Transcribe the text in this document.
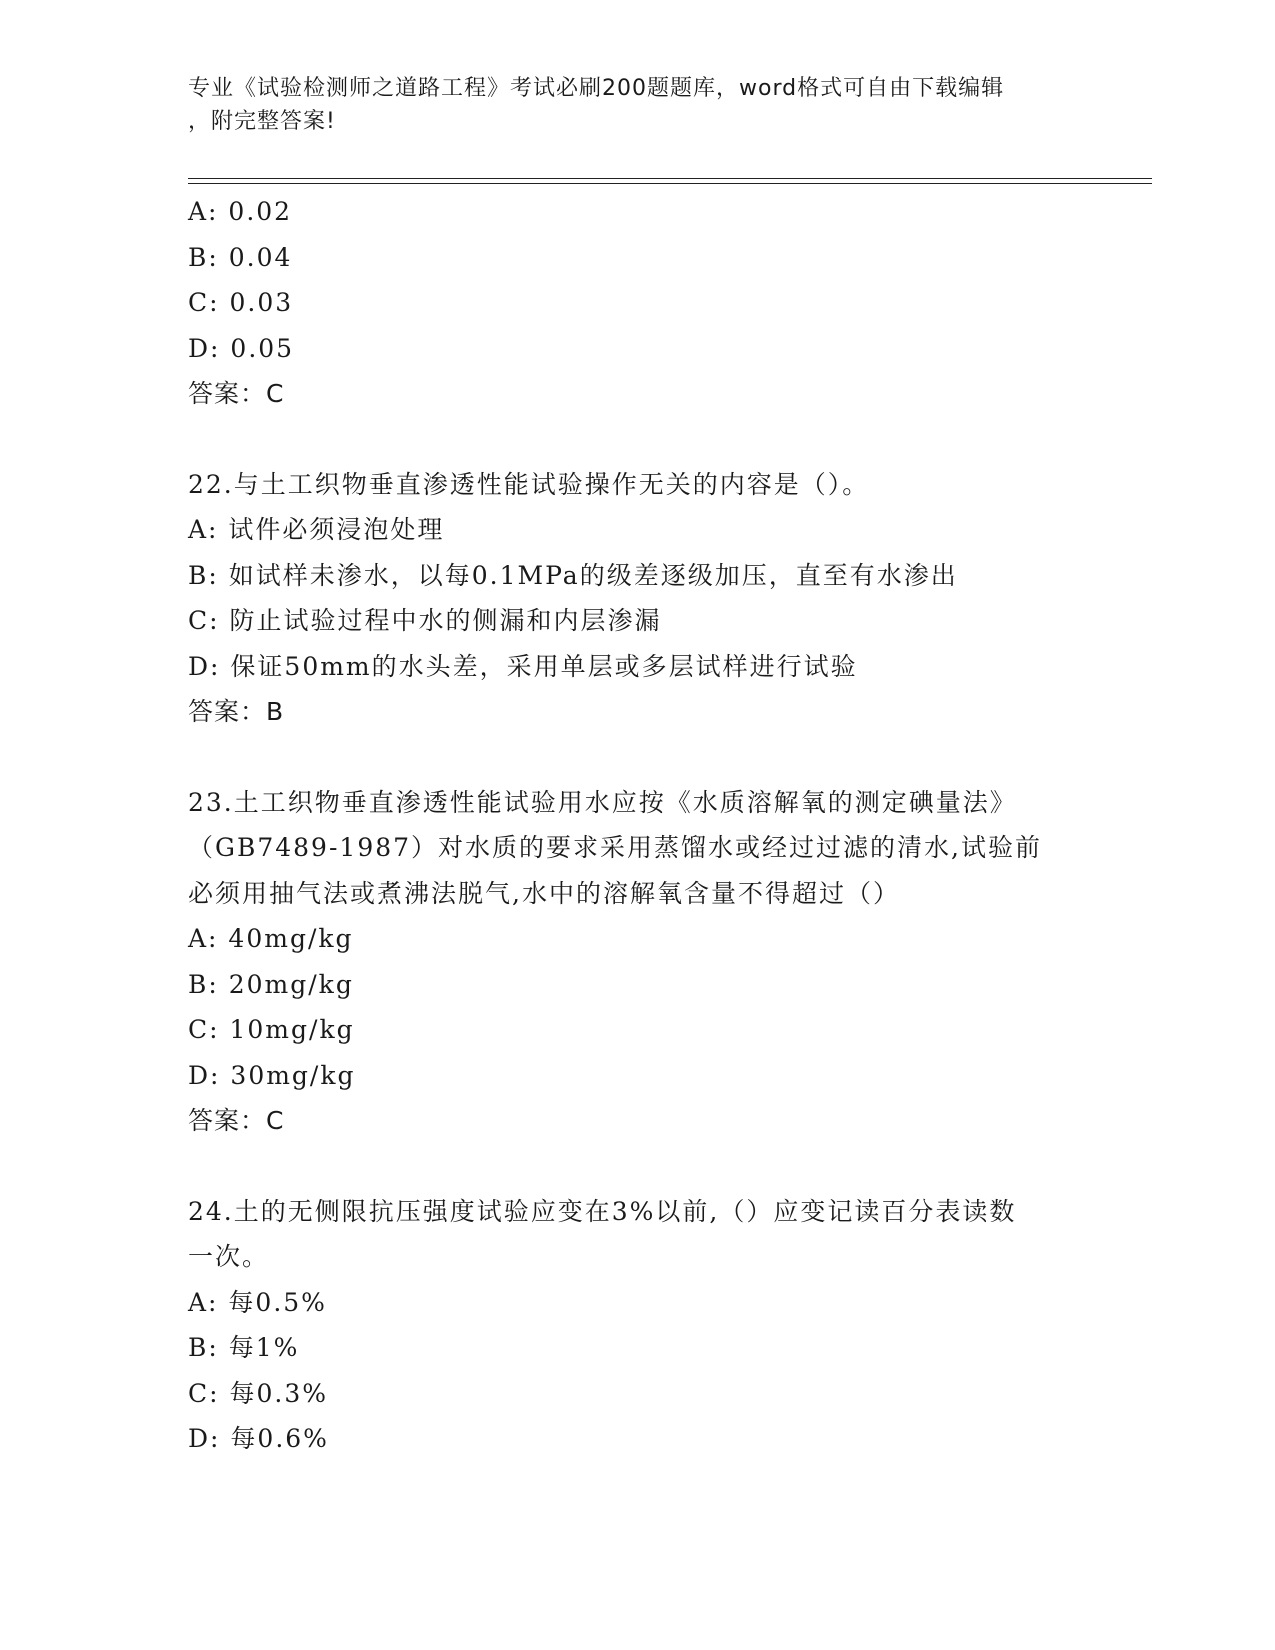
专业《试验检测师之道路工程》考试必刷200题题库，word格式可自由下载编辑
，附完整答案!
A: 0.02
B: 0.04
C: 0.03
D: 0.05
答案：C
22.与土工织物垂直渗透性能试验操作无关的内容是（）。
A: 试件必须浸泡处理
B: 如试样未渗水，以每0.1MPa的级差逐级加压，直至有水渗出
C: 防止试验过程中水的侧漏和内层渗漏
D: 保证50mm的水头差，采用单层或多层试样进行试验
答案：B
23.土工织物垂直渗透性能试验用水应按《水质溶解氧的测定碘量法》
（GB7489-1987）对水质的要求采用蒸馏水或经过过滤的清水,试验前
必须用抽气法或煮沸法脱气,水中的溶解氧含量不得超过（）
A: 40mg/kg
B: 20mg/kg
C: 10mg/kg
D: 30mg/kg
答案：C
24.土的无侧限抗压强度试验应变在3%以前,（）应变记读百分表读数
一次。
A: 每0.5%
B: 每1%
C: 每0.3%
D: 每0.6%
